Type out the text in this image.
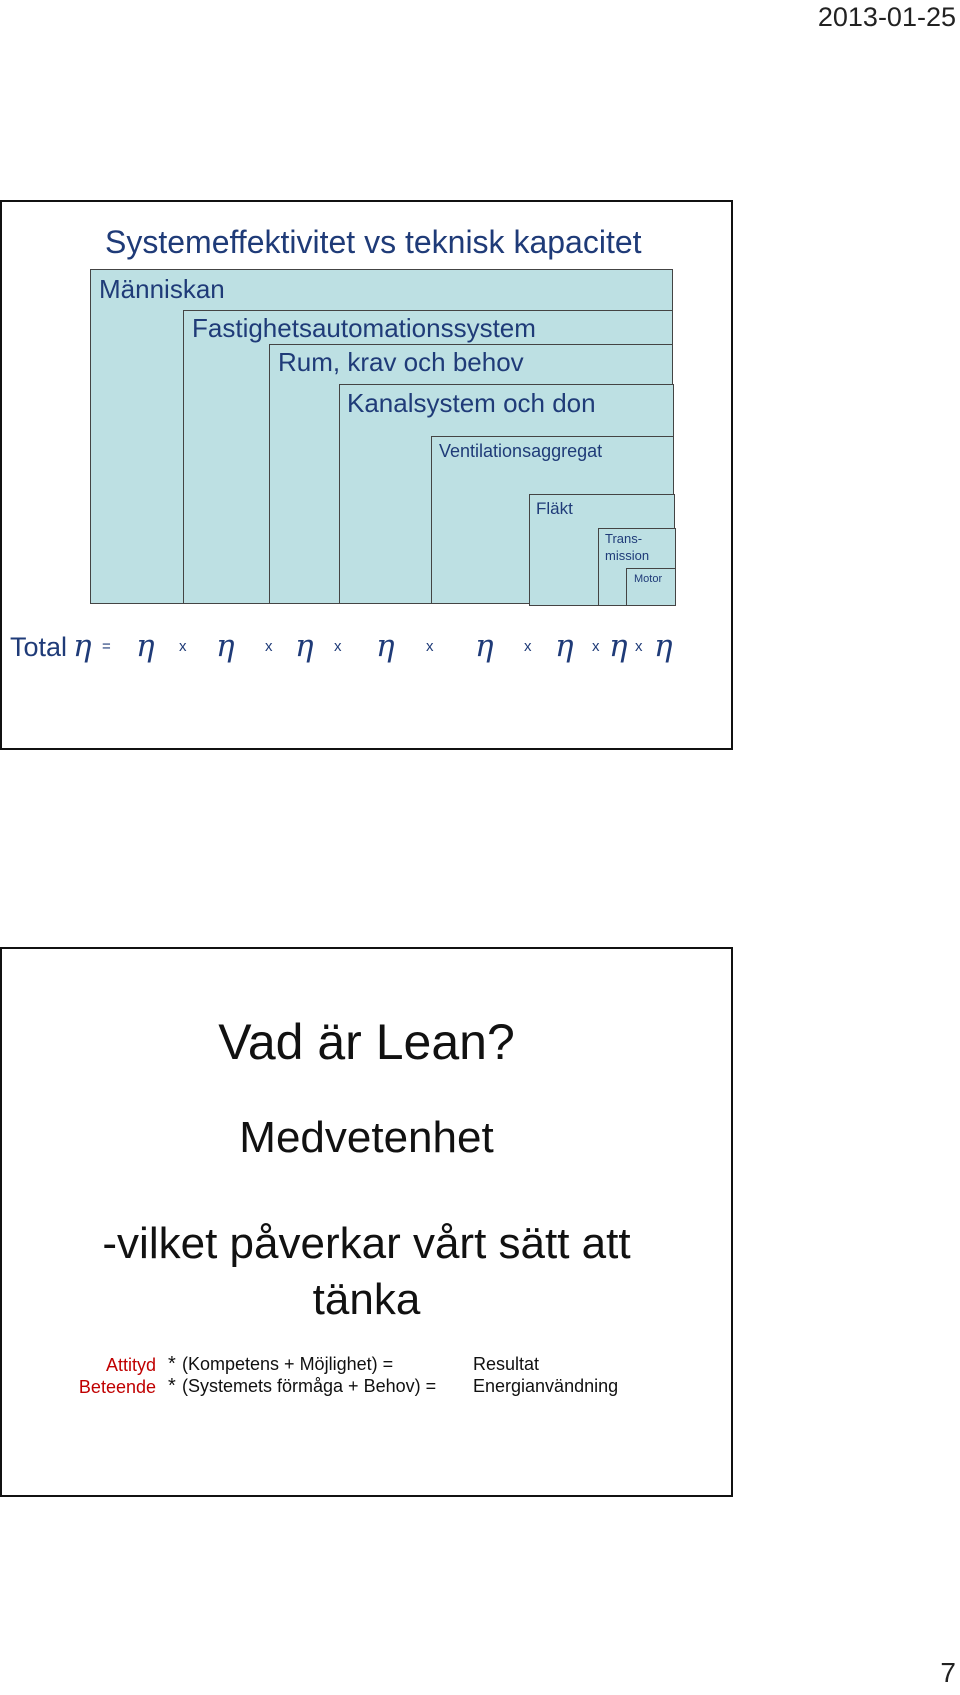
2013-01-25
Systemeffektivitet vs teknisk kapacitet
Människan
Fastighetsautomationssystem
Rum, krav och behov
Kanalsystem och don
Ventilationsaggregat
Fläkt
Trans-
mission
Motor
Total η = η x η x η x η x η x η x η x η
Vad är Lean?
Medvetenhet
-vilket påverkar vårt sätt att
tänka
Attityd * (Kompetens + Möjlighet) =	Resultat
Beteende * (Systemets förmåga + Behov) = Energianvändning
7
